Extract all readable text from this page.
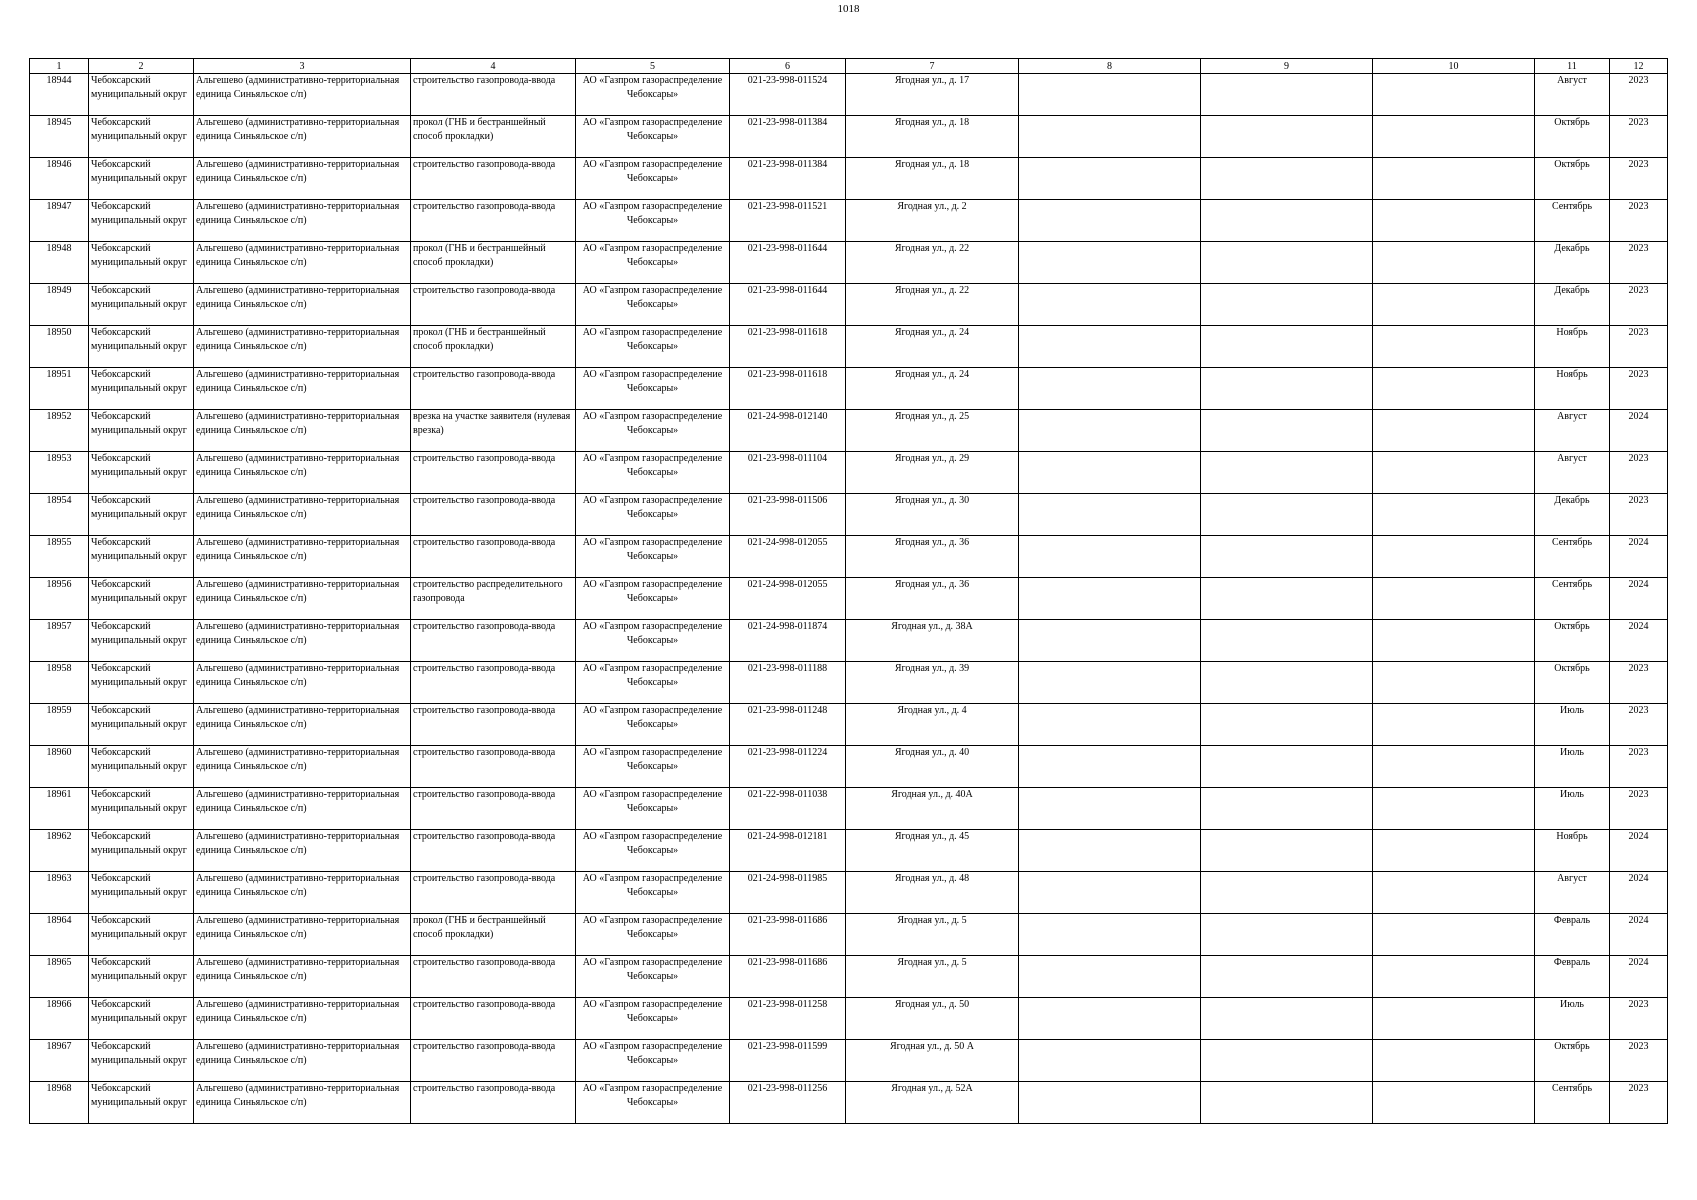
1018
1	2	3	4	5	6	7	8	9	10	11	12

18944	Чебоксарский муниципальный округ	Альгешево (административно-территориальная единица Синьяльское с/п)	строительство газопровода-ввода	АО «Газпром газораспределение Чебоксары»	021-23-998-011524	Ягодная ул., д. 17				Август	2023

18945	Чебоксарский муниципальный округ	Альгешево (административно-территориальная единица Синьяльское с/п)	прокол (ГНБ и бестраншейный способ прокладки)	АО «Газпром газораспределение Чебоксары»	021-23-998-011384	Ягодная ул., д. 18				Октябрь	2023

18946	Чебоксарский муниципальный округ	Альгешево (административно-территориальная единица Синьяльское с/п)	строительство газопровода-ввода	АО «Газпром газораспределение Чебоксары»	021-23-998-011384	Ягодная ул., д. 18				Октябрь	2023

18947	Чебоксарский муниципальный округ	Альгешево (административно-территориальная единица Синьяльское с/п)	строительство газопровода-ввода	АО «Газпром газораспределение Чебоксары»	021-23-998-011521	Ягодная ул., д. 2				Сентябрь	2023

18948	Чебоксарский муниципальный округ	Альгешево (административно-территориальная единица Синьяльское с/п)	прокол (ГНБ и бестраншейный способ прокладки)	АО «Газпром газораспределение Чебоксары»	021-23-998-011644	Ягодная ул., д. 22				Декабрь	2023

18949	Чебоксарский муниципальный округ	Альгешево (административно-территориальная единица Синьяльское с/п)	строительство газопровода-ввода	АО «Газпром газораспределение Чебоксары»	021-23-998-011644	Ягодная ул., д. 22				Декабрь	2023

18950	Чебоксарский муниципальный округ	Альгешево (административно-территориальная единица Синьяльское с/п)	прокол (ГНБ и бестраншейный способ прокладки)	АО «Газпром газораспределение Чебоксары»	021-23-998-011618	Ягодная ул., д. 24				Ноябрь	2023

18951	Чебоксарский муниципальный округ	Альгешево (административно-территориальная единица Синьяльское с/п)	строительство газопровода-ввода	АО «Газпром газораспределение Чебоксары»	021-23-998-011618	Ягодная ул., д. 24				Ноябрь	2023

18952	Чебоксарский муниципальный округ	Альгешево (административно-территориальная единица Синьяльское с/п)	врезка на участке заявителя (нулевая врезка)	АО «Газпром газораспределение Чебоксары»	021-24-998-012140	Ягодная ул., д. 25				Август	2024

18953	Чебоксарский муниципальный округ	Альгешево (административно-территориальная единица Синьяльское с/п)	строительство газопровода-ввода	АО «Газпром газораспределение Чебоксары»	021-23-998-011104	Ягодная ул., д. 29				Август	2023

18954	Чебоксарский муниципальный округ	Альгешево (административно-территориальная единица Синьяльское с/п)	строительство газопровода-ввода	АО «Газпром газораспределение Чебоксары»	021-23-998-011506	Ягодная ул., д. 30				Декабрь	2023

18955	Чебоксарский муниципальный округ	Альгешево (административно-территориальная единица Синьяльское с/п)	строительство газопровода-ввода	АО «Газпром газораспределение Чебоксары»	021-24-998-012055	Ягодная ул., д. 36				Сентябрь	2024

18956	Чебоксарский муниципальный округ	Альгешево (административно-территориальная единица Синьяльское с/п)	строительство распределительного газопровода	АО «Газпром газораспределение Чебоксары»	021-24-998-012055	Ягодная ул., д. 36				Сентябрь	2024

18957	Чебоксарский муниципальный округ	Альгешево (административно-территориальная единица Синьяльское с/п)	строительство газопровода-ввода	АО «Газпром газораспределение Чебоксары»	021-24-998-011874	Ягодная ул., д. 38А				Октябрь	2024

18958	Чебоксарский муниципальный округ	Альгешево (административно-территориальная единица Синьяльское с/п)	строительство газопровода-ввода	АО «Газпром газораспределение Чебоксары»	021-23-998-011188	Ягодная ул., д. 39				Октябрь	2023

18959	Чебоксарский муниципальный округ	Альгешево (административно-территориальная единица Синьяльское с/п)	строительство газопровода-ввода	АО «Газпром газораспределение Чебоксары»	021-23-998-011248	Ягодная ул., д. 4				Июль	2023

18960	Чебоксарский муниципальный округ	Альгешево (административно-территориальная единица Синьяльское с/п)	строительство газопровода-ввода	АО «Газпром газораспределение Чебоксары»	021-23-998-011224	Ягодная ул., д. 40				Июль	2023

18961	Чебоксарский муниципальный округ	Альгешево (административно-территориальная единица Синьяльское с/п)	строительство газопровода-ввода	АО «Газпром газораспределение Чебоксары»	021-22-998-011038	Ягодная ул., д. 40А				Июль	2023

18962	Чебоксарский муниципальный округ	Альгешево (административно-территориальная единица Синьяльское с/п)	строительство газопровода-ввода	АО «Газпром газораспределение Чебоксары»	021-24-998-012181	Ягодная ул., д. 45				Ноябрь	2024

18963	Чебоксарский муниципальный округ	Альгешево (административно-территориальная единица Синьяльское с/п)	строительство газопровода-ввода	АО «Газпром газораспределение Чебоксары»	021-24-998-011985	Ягодная ул., д. 48				Август	2024

18964	Чебоксарский муниципальный округ	Альгешево (административно-территориальная единица Синьяльское с/п)	прокол (ГНБ и бестраншейный способ прокладки)	АО «Газпром газораспределение Чебоксары»	021-23-998-011686	Ягодная ул., д. 5				Февраль	2024

18965	Чебоксарский муниципальный округ	Альгешево (административно-территориальная единица Синьяльское с/п)	строительство газопровода-ввода	АО «Газпром газораспределение Чебоксары»	021-23-998-011686	Ягодная ул., д. 5				Февраль	2024

18966	Чебоксарский муниципальный округ	Альгешево (административно-территориальная единица Синьяльское с/п)	строительство газопровода-ввода	АО «Газпром газораспределение Чебоксары»	021-23-998-011258	Ягодная ул., д. 50				Июль	2023

18967	Чебоксарский муниципальный округ	Альгешево (административно-территориальная единица Синьяльское с/п)	строительство газопровода-ввода	АО «Газпром газораспределение Чебоксары»	021-23-998-011599	Ягодная ул., д. 50 А				Октябрь	2023

18968	Чебоксарский муниципальный округ	Альгешево (административно-территориальная единица Синьяльское с/п)	строительство газопровода-ввода	АО «Газпром газораспределение Чебоксары»	021-23-998-011256	Ягодная ул., д. 52А				Сентябрь	2023
